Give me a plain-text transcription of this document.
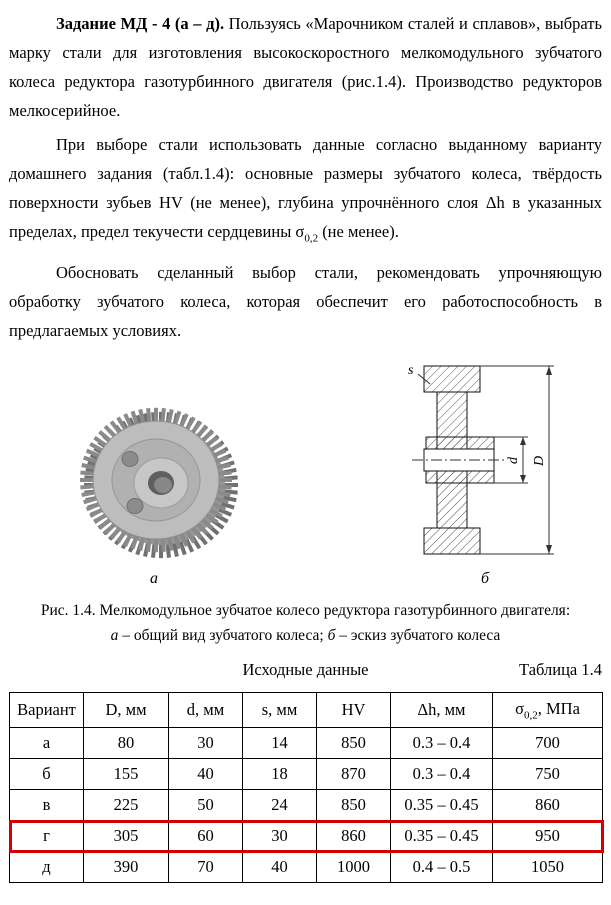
Задание МД - 4 (а – д). Пользуясь «Марочником сталей и сплавов», выбрать марку стали для изготовления высокоскоростного мелкомодульного зубчатого колеса редуктора газотурбинного двигателя (рис.1.4). Производство редукторов мелкосерийное.

При выборе стали использовать данные согласно выданному варианту домашнего задания (табл.1.4): основные размеры зубчатого колеса, твёрдость поверхности зубьев HV (не менее), глубина упрочнённого слоя Δh в указанных пределах, предел текучести сердцевины $\sigma_{0,2}$ (не менее).

Обосновать сделанный выбор стали, рекомендовать упрочняющую обработку зубчатого колеса, которая обеспечит его работоспособность в предлагаемых условиях.

а
d D
s
б
Рис. 1.4. Мелкомодульное зубчатое колесо редуктора газотурбинного двигателя:
а – общий вид зубчатого колеса; б – эскиз зубчатого колеса
Исходные данные	Таблица 1.4
Вариант	D, мм	d, мм	s, мм	HV	Δh, мм	$\sigma_{0,2}$, МПа
а	80	30	14	850	0.3 – 0.4	700
б	155	40	18	870	0.3 – 0.4	750
в	225	50	24	850	0.35 – 0.45	860
г	305	60	30	860	0.35 – 0.45	950
д	390	70	40	1000	0.4 – 0.5	1050
